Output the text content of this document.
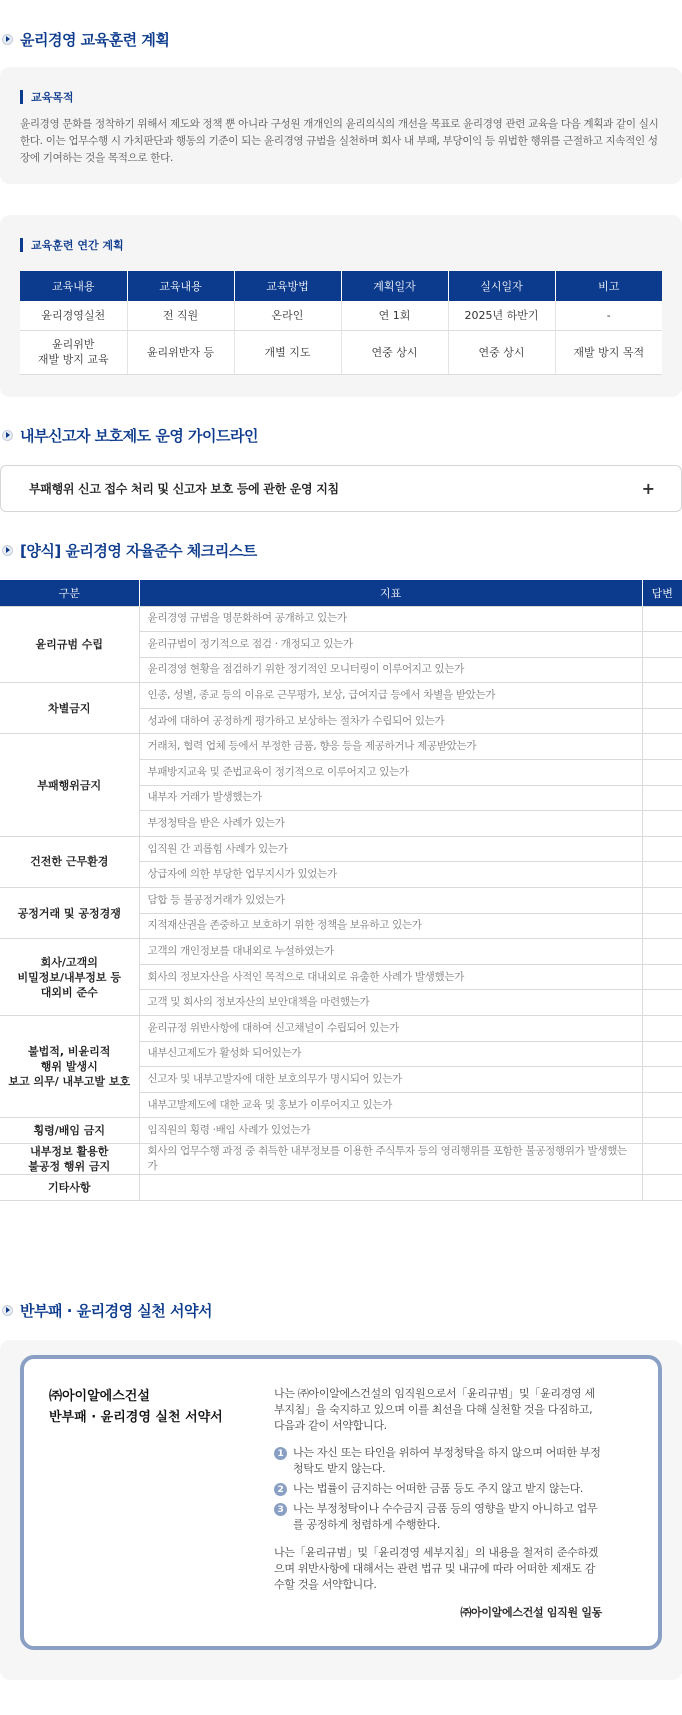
윤리경영 교육훈련 계획
교육목적

윤리경영 문화를 정착하기 위해서 제도와 정책 뿐 아니라 구성원 개개인의 윤리의식의 개선을 목표로 윤리경영 관련 교육을 다음 계획과 같이 실시한다. 이는 업무수행 시 가치판단과 행동의 기준이 되는 윤리경영 규범을 실천하며 회사 내 부패, 부당이익 등 위법한 행위를 근절하고 지속적인 성장에 기여하는 것을 목적으로 한다.

교육훈련 연간 계획
교육내용	교육내용	교육방법	계획일자	실시일자	비고
윤리경영실천	전 직원	온라인	연 1회	2025년 하반기	-
윤리위반
재발 방지 교육	윤리위반자 등	개별 지도	연중 상시	연중 상시	재발 방지 목적
내부신고자 보호제도 운영 가이드라인
부패행위 신고 접수 처리 및 신고자 보호 등에 관한 운영 지침	+
[양식] 윤리경영 자율준수 체크리스트
구분	지표	답변
윤리규범 수립	윤리경영 규범을 명문화하여 공개하고 있는가	
	윤리규범이 정기적으로 점검 · 개정되고 있는가	
	윤리경영 현황을 점검하기 위한 정기적인 모니터링이 이루어지고 있는가	
차별금지	인종, 성별, 종교 등의 이유로 근무평가, 보상, 급여지급 등에서 차별을 받았는가	
	성과에 대하여 공정하게 평가하고 보상하는 절차가 수립되어 있는가	
부패행위금지	거래처, 협력 업체 등에서 부정한 금품, 향응 등을 제공하거나 제공받았는가	
	부패방지교육 및 준법교육이 정기적으로 이루어지고 있는가	
	내부자 거래가 발생했는가	
	부정청탁을 받은 사례가 있는가	
건전한 근무환경	임직원 간 괴롭힘 사례가 있는가	
	상급자에 의한 부당한 업무지시가 있었는가	
공정거래 및 공정경쟁	담합 등 불공정거래가 있었는가	
	지적재산권을 존중하고 보호하기 위한 정책을 보유하고 있는가	
회사/고객의
비밀정보/내부정보 등
대외비 준수	고객의 개인정보를 대내외로 누설하였는가	
	회사의 정보자산을 사적인 목적으로 대내외로 유출한 사례가 발생했는가	
	고객 및 회사의 정보자산의 보안대책을 마련했는가	
불법적, 비윤리적
행위 발생시
보고 의무/ 내부고발 보호	윤리규정 위반사항에 대하여 신고채널이 수립되어 있는가	
	내부신고제도가 활성화 되어있는가	
	신고자 및 내부고발자에 대한 보호의무가 명시되어 있는가	
	내부고발제도에 대한 교육 및 홍보가 이루어지고 있는가	
횡령/배임 금지	임직원의 횡령 ·배임 사례가 있었는가	
내부정보 활용한
불공정 행위 금지	회사의 업무수행 과정 중 취득한 내부정보를 이용한 주식투자 등의 영리행위를 포함한 불공정행위가 발생했는가	
기타사항		
반부패 · 윤리경영 실천 서약서
㈜아이알에스건설
반부패 · 윤리경영 실천 서약서

나는 ㈜아이알에스건설의 임직원으로서「윤리규범」및「윤리경영 세부지침」을 숙지하고 있으며 이를 최선을 다해 실천할 것을 다짐하고, 다음과 같이 서약합니다.

1 나는 자신 또는 타인을 위하여 부정청탁을 하지 않으며 어떠한 부정청탁도 받지 않는다.
2 나는 법률이 금지하는 어떠한 금품 등도 주지 않고 받지 않는다.
3 나는 부정청탁이나 수수금지 금품 등의 영향을 받지 아니하고 업무를 공정하게 청렴하게 수행한다.

나는「윤리규범」및「윤리경영 세부지침」의 내용을 철저히 준수하겠으며 위반사항에 대해서는 관련 법규 및 내규에 따라 어떠한 제재도 감수할 것을 서약합니다.

㈜아이알에스건설 임직원 일동
